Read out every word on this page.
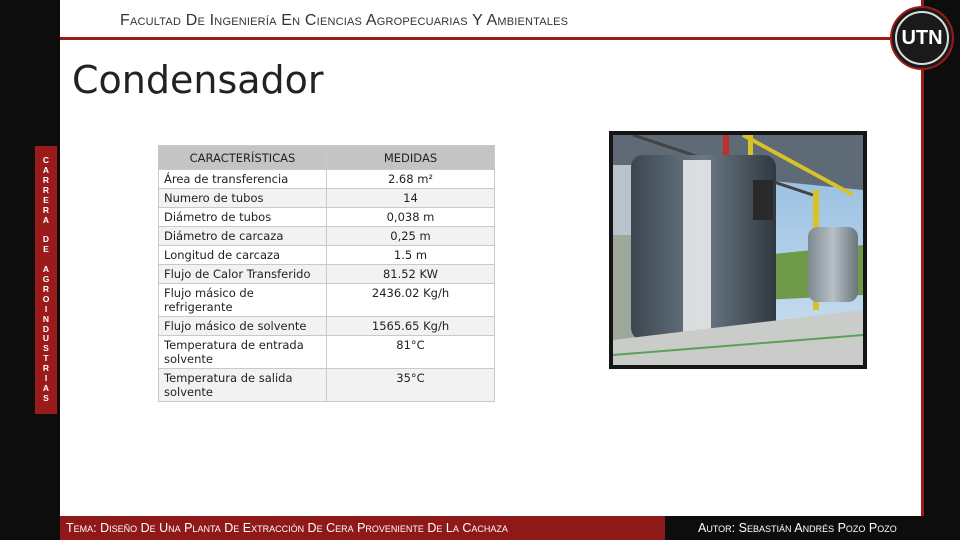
Facultad De Ingeniería En Ciencias Agropecuarias Y Ambientales
UTN
Condensador
C
A
R
R
E
R
A
D
E
A
G
R
O
I
N
D
U
S
T
R
I
A
S
CARACTERÍSTICAS	MEDIDAS
Área de transferencia	2.68 m²
Numero de tubos	14
Diámetro de tubos	0,038 m
Diámetro de carcaza	0,25 m
Longitud de carcaza	1.5 m
Flujo de Calor Transferido	81.52 KW
Flujo másico de refrigerante	2436.02 Kg/h
Flujo másico de solvente	1565.65 Kg/h
Temperatura de entrada solvente	81°C
Temperatura de salida solvente	35°C
Tema: Diseño De Una Planta De Extracción De Cera Proveniente De La Cachaza	Autor: Sebastián Andrés Pozo Pozo
